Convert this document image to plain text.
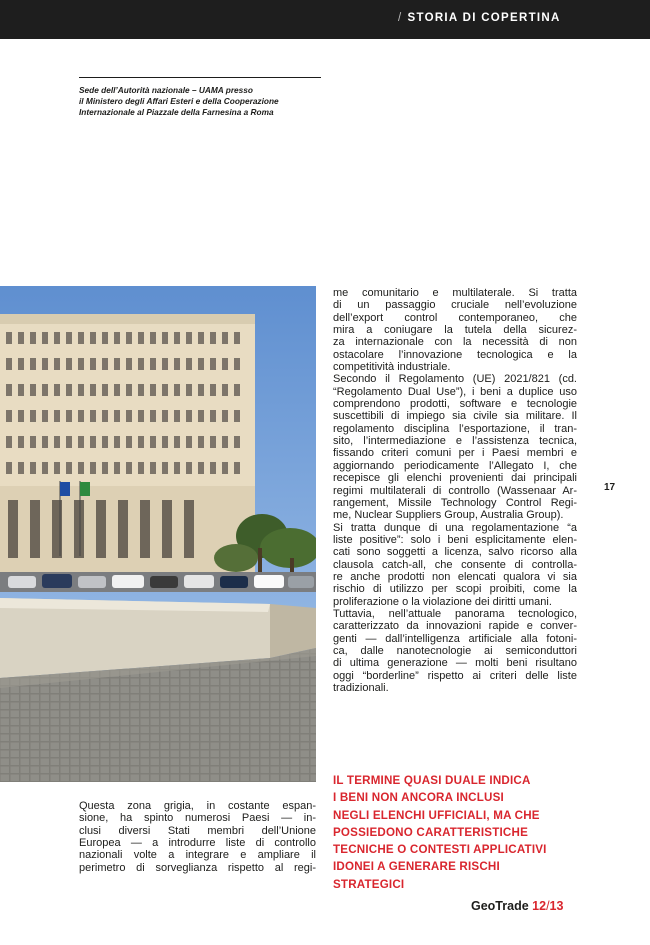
/ STORIA DI COPERTINA
Sede dell’Autorità nazionale – UAMA presso
il Ministero degli Affari Esteri e della Cooperazione
Internazionale al Piazzale della Farnesina a Roma

me comunitario e multilaterale. Si tratta
di un passaggio cruciale nell’evoluzione
dell’export control contemporaneo, che
mira a coniugare la tutela della sicurez-
za internazionale con la necessità di non
ostacolare l’innovazione tecnologica e la
competitività industriale.

Secondo il Regolamento (UE) 2021/821 (cd.
“Regolamento Dual Use”), i beni a duplice uso
comprendono prodotti, software e tecnologie
suscettibili di impiego sia civile sia militare. Il
regolamento disciplina l’esportazione, il tran-
sito, l’intermediazione e l’assistenza tecnica,
fissando criteri comuni per i Paesi membri e
aggiornando periodicamente l’Allegato I, che
recepisce gli elenchi provenienti dai principali
regimi multilaterali di controllo (Wassenaar Ar-
rangement, Missile Technology Control Regi-
me, Nuclear Suppliers Group, Australia Group).

Si tratta dunque di una regolamentazione “a
liste positive”: solo i beni esplicitamente elen-
cati sono soggetti a licenza, salvo ricorso alla
clausola catch-all, che consente di controlla-
re anche prodotti non elencati qualora vi sia
rischio di utilizzo per scopi proibiti, come la
proliferazione o la violazione dei diritti umani.

Tuttavia, nell’attuale panorama tecnologico,
caratterizzato da innovazioni rapide e conver-
genti — dall’intelligenza artificiale alla fotoni-
ca, dalle nanotecnologie ai semiconduttori
di ultima generazione — molti beni risultano
oggi “borderline” rispetto ai criteri delle liste
tradizionali.

Questa zona grigia, in costante espan-
sione, ha spinto numerosi Paesi — in-
clusi diversi Stati membri dell’Unione
Europea — a introdurre liste di controllo
nazionali volte a integrare e ampliare il
perimetro di sorveglianza rispetto al regi-
IL TERMINE QUASI DUALE INDICA
I BENI NON ANCORA INCLUSI
NEGLI ELENCHI UFFICIALI, MA CHE
POSSIEDONO CARATTERISTICHE
TECNICHE O CONTESTI APPLICATIVI
IDONEI A GENERARE RISCHI
STRATEGICI
17
GeoTrade 12/13
